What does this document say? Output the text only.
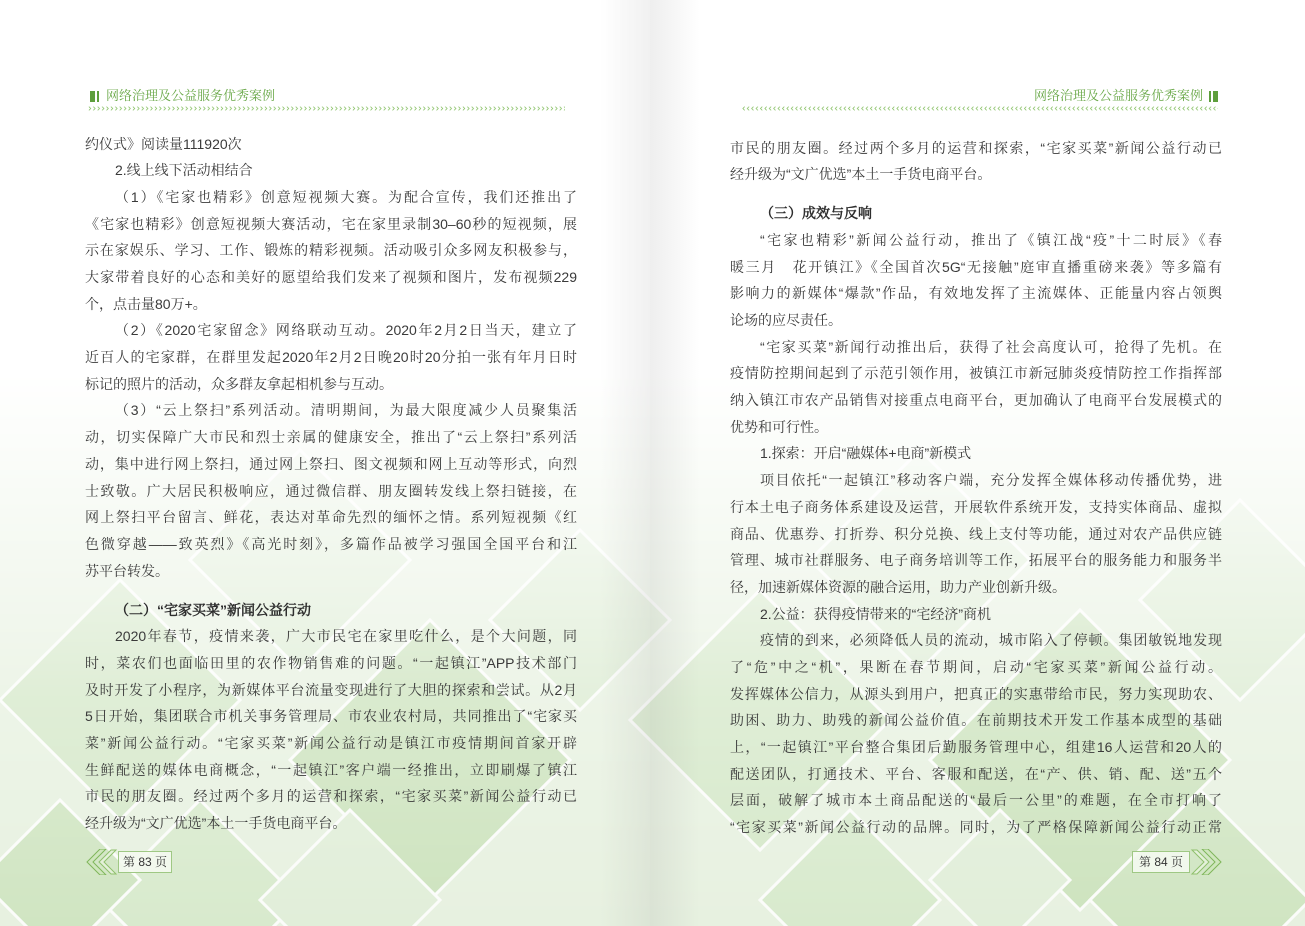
网络治理及公益服务优秀案例
约仪式》阅读量111920次
2.线上线下活动相结合
（1）《宅家也精彩》创意短视频大赛。为配合宣传，我们还推出了
《宅家也精彩》创意短视频大赛活动，宅在家里录制30–60秒的短视频，展
示在家娱乐、学习、工作、锻炼的精彩视频。活动吸引众多网友积极参与，
大家带着良好的心态和美好的愿望给我们发来了视频和图片，发布视频229
个，点击量80万+。
（2）《2020宅家留念》网络联动互动。2020年2月2日当天，建立了
近百人的宅家群，在群里发起2020年2月2日晚20时20分拍一张有年月日时
标记的照片的活动，众多群友拿起相机参与互动。
（3）“云上祭扫”系列活动。清明期间，为最大限度减少人员聚集活
动，切实保障广大市民和烈士亲属的健康安全，推出了“云上祭扫”系列活
动，集中进行网上祭扫，通过网上祭扫、图文视频和网上互动等形式，向烈
士致敬。广大居民积极响应，通过微信群、朋友圈转发线上祭扫链接，在
网上祭扫平台留言、鲜花，表达对革命先烈的缅怀之情。系列短视频《红
色微穿越——致英烈》《高光时刻》，多篇作品被学习强国全国平台和江
苏平台转发。
（二）“宅家买菜”新闻公益行动
2020年春节，疫情来袭，广大市民宅在家里吃什么，是个大问题，同
时，菜农们也面临田里的农作物销售难的问题。“一起镇江”APP技术部门
及时开发了小程序，为新媒体平台流量变现进行了大胆的探索和尝试。从2月
5日开始，集团联合市机关事务管理局、市农业农村局，共同推出了“宅家买
菜”新闻公益行动。“宅家买菜”新闻公益行动是镇江市疫情期间首家开辟
生鲜配送的媒体电商概念，“一起镇江”客户端一经推出，立即刷爆了镇江
市民的朋友圈。经过两个多月的运营和探索，“宅家买菜”新闻公益行动已
经升级为“文广优选”本土一手货电商平台。
第 83 页
网络治理及公益服务优秀案例
市民的朋友圈。经过两个多月的运营和探索，“宅家买菜”新闻公益行动已
经升级为“文广优选”本土一手货电商平台。
（三）成效与反响
“宅家也精彩”新闻公益行动，推出了《镇江战“疫”十二时辰》《春
暖三月　花开镇江》《全国首次5G“无接触”庭审直播重磅来袭》等多篇有
影响力的新媒体“爆款”作品，有效地发挥了主流媒体、正能量内容占领舆
论场的应尽责任。
“宅家买菜”新闻行动推出后，获得了社会高度认可，抢得了先机。在
疫情防控期间起到了示范引领作用，被镇江市新冠肺炎疫情防控工作指挥部
纳入镇江市农产品销售对接重点电商平台，更加确认了电商平台发展模式的
优势和可行性。
1.探索：开启“融媒体+电商”新模式
项目依托“一起镇江”移动客户端，充分发挥全媒体移动传播优势，进
行本土电子商务体系建设及运营，开展软件系统开发，支持实体商品、虚拟
商品、优惠券、打折券、积分兑换、线上支付等功能，通过对农产品供应链
管理、城市社群服务、电子商务培训等工作，拓展平台的服务能力和服务半
径，加速新媒体资源的融合运用，助力产业创新升级。
2.公益：获得疫情带来的“宅经济”商机
疫情的到来，必须降低人员的流动，城市陷入了停顿。集团敏锐地发现
了“危”中之“机”，果断在春节期间，启动“宅家买菜”新闻公益行动。
发挥媒体公信力，从源头到用户，把真正的实惠带给市民，努力实现助农、
助困、助力、助残的新闻公益价值。在前期技术开发工作基本成型的基础
上，“一起镇江”平台整合集团后勤服务管理中心，组建16人运营和20人的
配送团队，打通技术、平台、客服和配送，在“产、供、销、配、送”五个
层面，破解了城市本土商品配送的“最后一公里”的难题，在全市打响了
“宅家买菜”新闻公益行动的品牌。同时，为了严格保障新闻公益行动正常
第 84 页
